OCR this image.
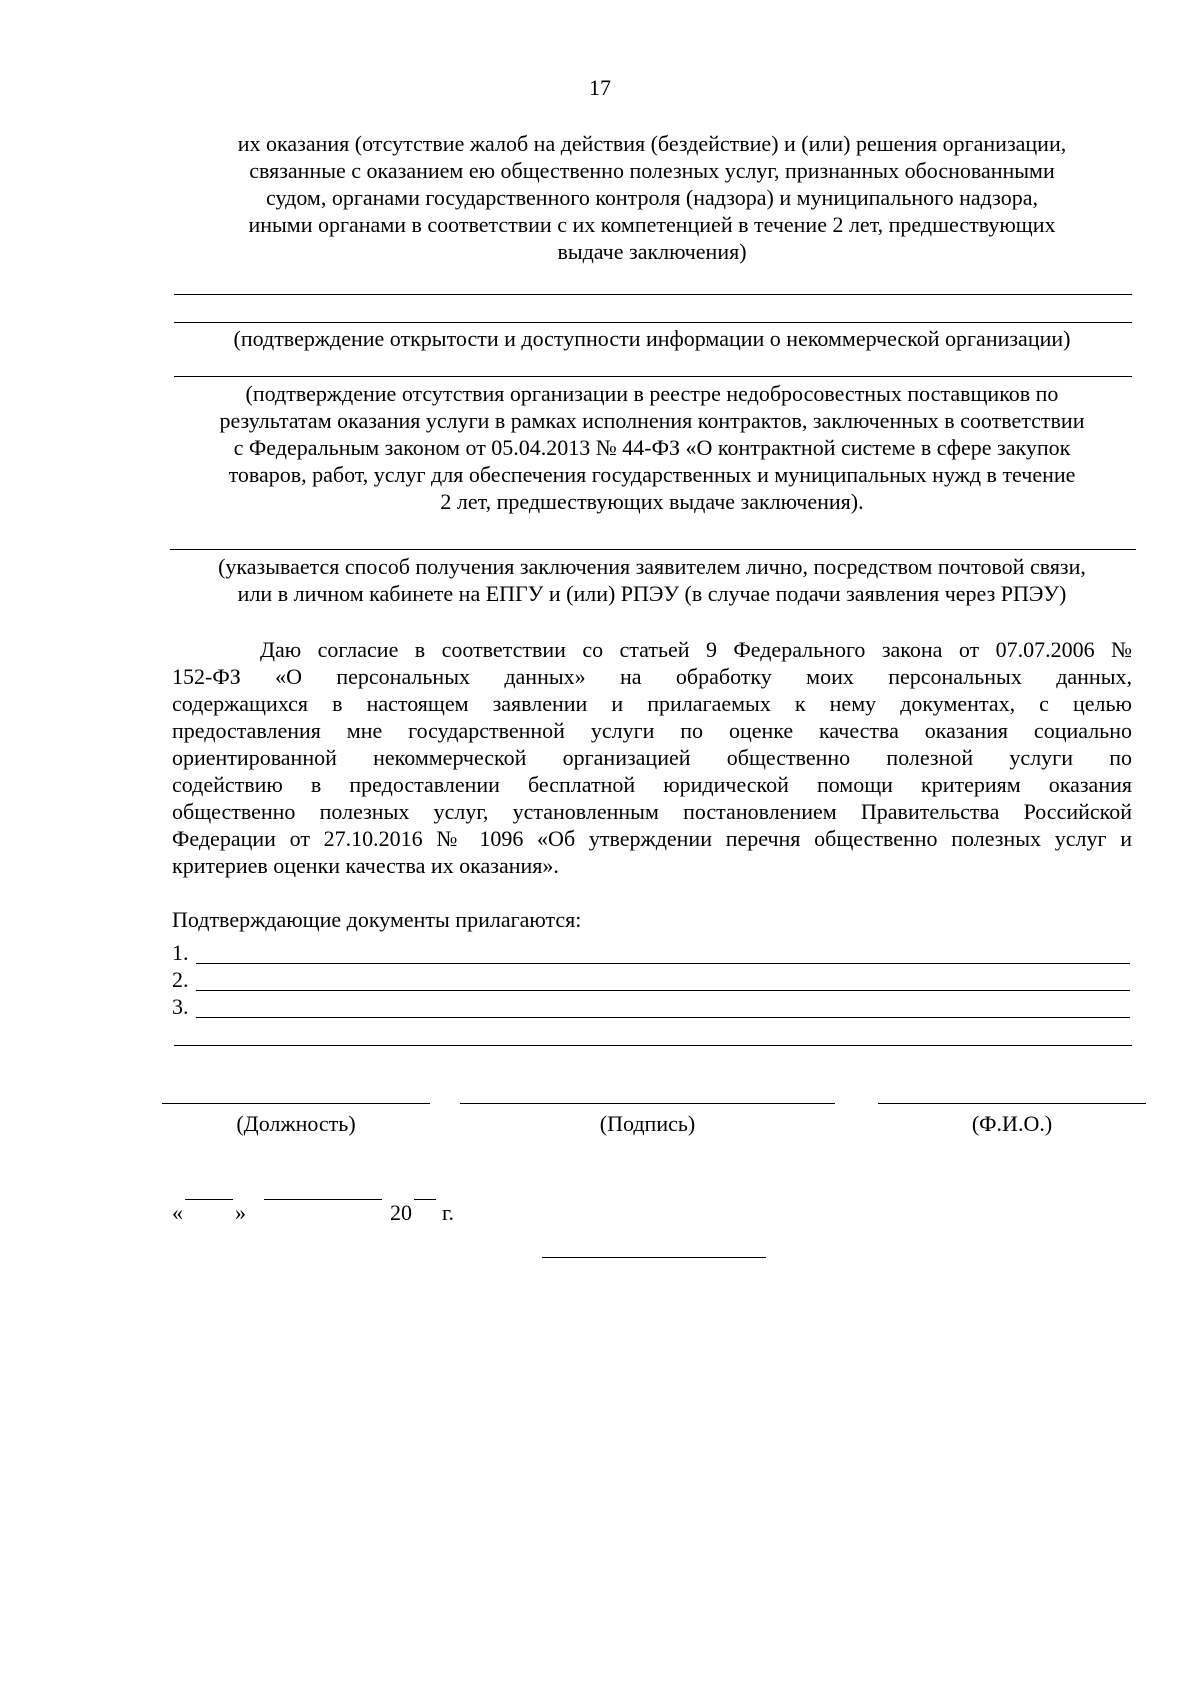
17
их оказания (отсутствие жалоб на действия (бездействие) и (или) решения организации,
связанные с оказанием ею общественно полезных услуг, признанных обоснованными
судом, органами государственного контроля (надзора) и муниципального надзора,
иными органами в соответствии с их компетенцией в течение 2 лет, предшествующих
выдаче заключения)
(подтверждение открытости и доступности информации о некоммерческой организации)
(подтверждение отсутствия организации в реестре недобросовестных поставщиков по
результатам оказания услуги в рамках исполнения контрактов, заключенных в соответствии
с Федеральным законом от 05.04.2013 № 44-ФЗ «О контрактной системе в сфере закупок
товаров, работ, услуг для обеспечения государственных и муниципальных нужд в течение
2 лет, предшествующих выдаче заключения).
(указывается способ получения заключения заявителем лично, посредством почтовой связи,
или в личном кабинете на ЕПГУ и (или) РПЭУ (в случае подачи заявления через РПЭУ)
Даю согласие в соответствии со статьей 9 Федерального закона от 07.07.2006 №
152-ФЗ «О персональных данных» на обработку моих персональных данных,
содержащихся в настоящем заявлении и прилагаемых к нему документах, с целью
предоставления мне государственной услуги по оценке качества оказания социально
ориентированной некоммерческой организацией общественно полезной услуги по
содействию в предоставлении бесплатной юридической помощи критериям оказания
общественно полезных услуг, установленным постановлением Правительства Российской
Федерации от 27.10.2016 № 1096 «Об утверждении перечня общественно полезных услуг и
критериев оценки качества их оказания».
Подтверждающие документы прилагаются:
1.
2.
3.
(Должность)	(Подпись)	(Ф.И.О.)
« »	20 г.
